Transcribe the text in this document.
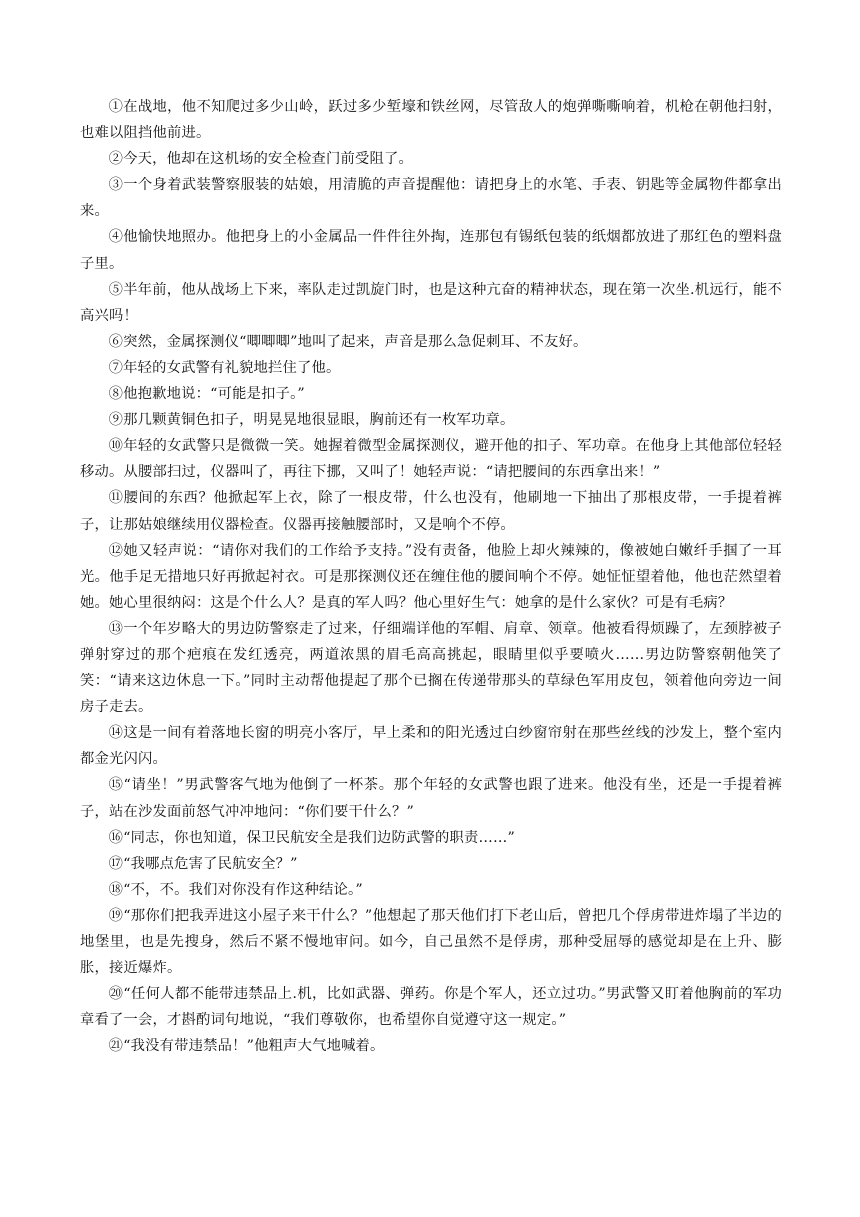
①在战地，他不知爬过多少山岭，跃过多少堑壕和铁丝网，尽管敌人的炮弹嘶嘶响着，机枪在朝他扫射，也难以阻挡他前进。

②今天，他却在这机场的安全检查门前受阻了。

③一个身着武装警察服装的姑娘，用清脆的声音提醒他：请把身上的水笔、手表、钥匙等金属物件都拿出来。

④他愉快地照办。他把身上的小金属品一件件往外掏，连那包有锡纸包装的纸烟都放进了那红色的塑料盘子里。

⑤半年前，他从战场上下来，率队走过凯旋门时，也是这种亢奋的精神状态，现在第一次坐.机远行，能不高兴吗！

⑥突然，金属探测仪“唧唧唧”地叫了起来，声音是那么急促刺耳、不友好。

⑦年轻的女武警有礼貌地拦住了他。

⑧他抱歉地说：“可能是扣子。”

⑨那几颗黄铜色扣子，明晃晃地很显眼，胸前还有一枚军功章。

⑩年轻的女武警只是微微一笑。她握着微型金属探测仪，避开他的扣子、军功章。在他身上其他部位轻轻移动。从腰部扫过，仪器叫了，再往下挪，又叫了！她轻声说：“请把腰间的东西拿出来！”

⑪腰间的东西？他掀起军上衣，除了一根皮带，什么也没有，他刷地一下抽出了那根皮带，一手提着裤子，让那姑娘继续用仪器检查。仪器再接触腰部时，又是响个不停。

⑫她又轻声说：“请你对我们的工作给予支持。”没有责备，他脸上却火辣辣的，像被她白嫩纤手掴了一耳光。他手足无措地只好再掀起衬衣。可是那探测仪还在缠住他的腰间响个不停。她怔怔望着他，他也茫然望着她。她心里很纳闷：这是个什么人？是真的军人吗？他心里好生气：她拿的是什么家伙？可是有毛病？

⑬一个年岁略大的男边防警察走了过来，仔细端详他的军帽、肩章、领章。他被看得烦躁了，左颈脖被子弹射穿过的那个疤痕在发红透亮，两道浓黑的眉毛高高挑起，眼睛里似乎要喷火……男边防警察朝他笑了笑：“请来这边休息一下。”同时主动帮他提起了那个已搁在传递带那头的草绿色军用皮包，领着他向旁边一间房子走去。

⑭这是一间有着落地长窗的明亮小客厅，早上柔和的阳光透过白纱窗帘射在那些丝线的沙发上，整个室内都金光闪闪。

⑮“请坐！”男武警客气地为他倒了一杯茶。那个年轻的女武警也跟了进来。他没有坐，还是一手提着裤子，站在沙发面前怒气冲冲地问：“你们要干什么？”

⑯“同志，你也知道，保卫民航安全是我们边防武警的职责……”

⑰“我哪点危害了民航安全？”

⑱“不，不。我们对你没有作这种结论。”

⑲“那你们把我弄进这小屋子来干什么？”他想起了那天他们打下老山后，曾把几个俘虏带进炸塌了半边的地堡里，也是先搜身，然后不紧不慢地审问。如今，自己虽然不是俘虏，那种受屈辱的感觉却是在上升、膨胀，接近爆炸。

⑳“任何人都不能带违禁品上.机，比如武器、弹药。你是个军人，还立过功。”男武警又盯着他胸前的军功章看了一会，才斟酌词句地说，“我们尊敬你，也希望你自觉遵守这一规定。”

㉑“我没有带违禁品！”他粗声大气地喊着。
